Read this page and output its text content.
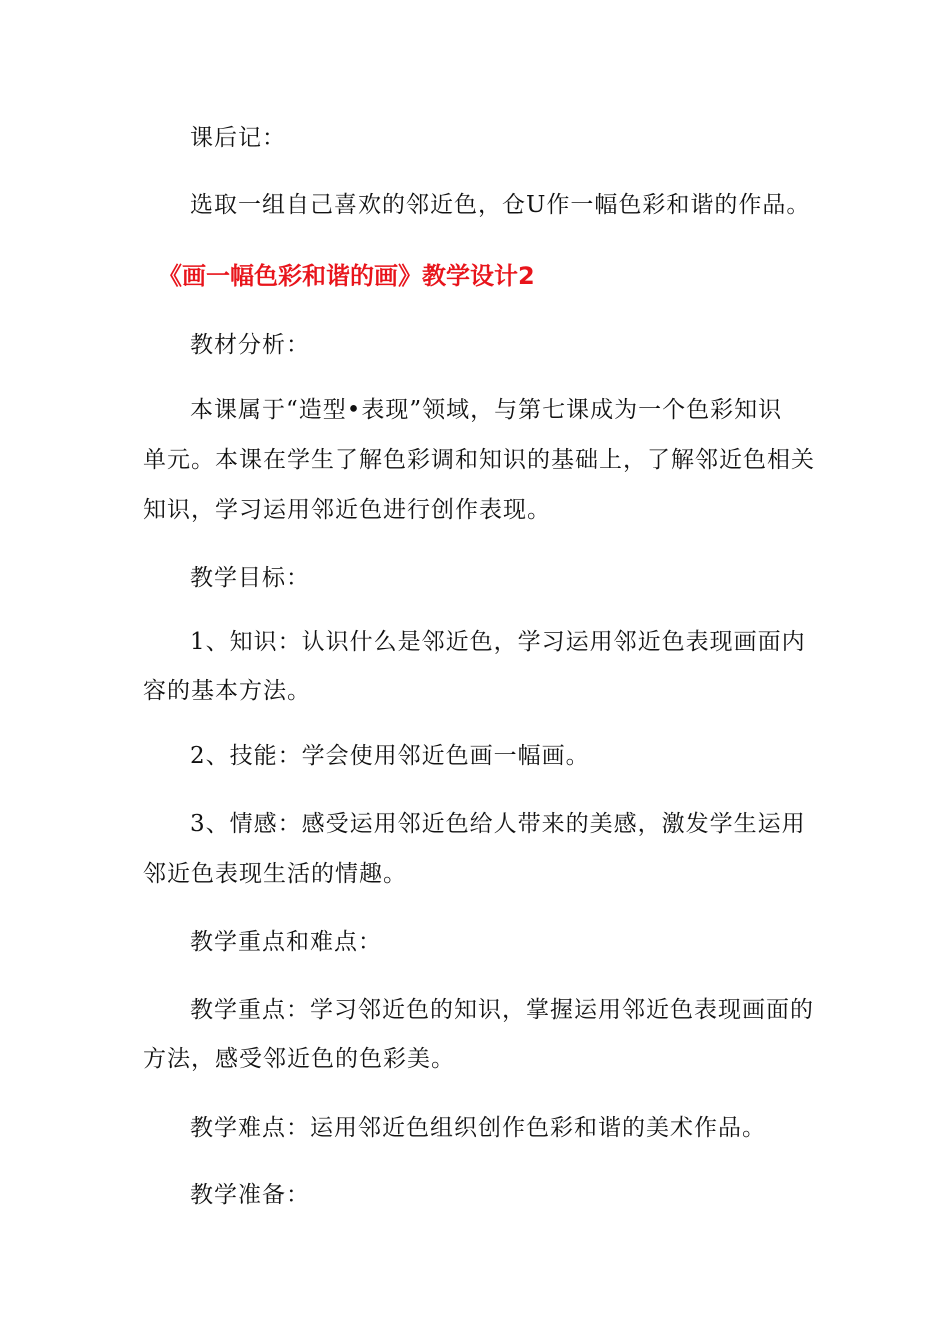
课后记：
选取一组自己喜欢的邻近色，仓U作一幅色彩和谐的作品。
《画一幅色彩和谐的画》教学设计2
教材分析：
本课属于“造型•表现”领域，与第七课成为一个色彩知识
单元。本课在学生了解色彩调和知识的基础上，了解邻近色相关
知识，学习运用邻近色进行创作表现。
教学目标：
1、知识：认识什么是邻近色，学习运用邻近色表现画面内
容的基本方法。
2、技能：学会使用邻近色画一幅画。
3、情感：感受运用邻近色给人带来的美感，激发学生运用
邻近色表现生活的情趣。
教学重点和难点：
教学重点：学习邻近色的知识，掌握运用邻近色表现画面的
方法，感受邻近色的色彩美。
教学难点：运用邻近色组织创作色彩和谐的美术作品。
教学准备：
